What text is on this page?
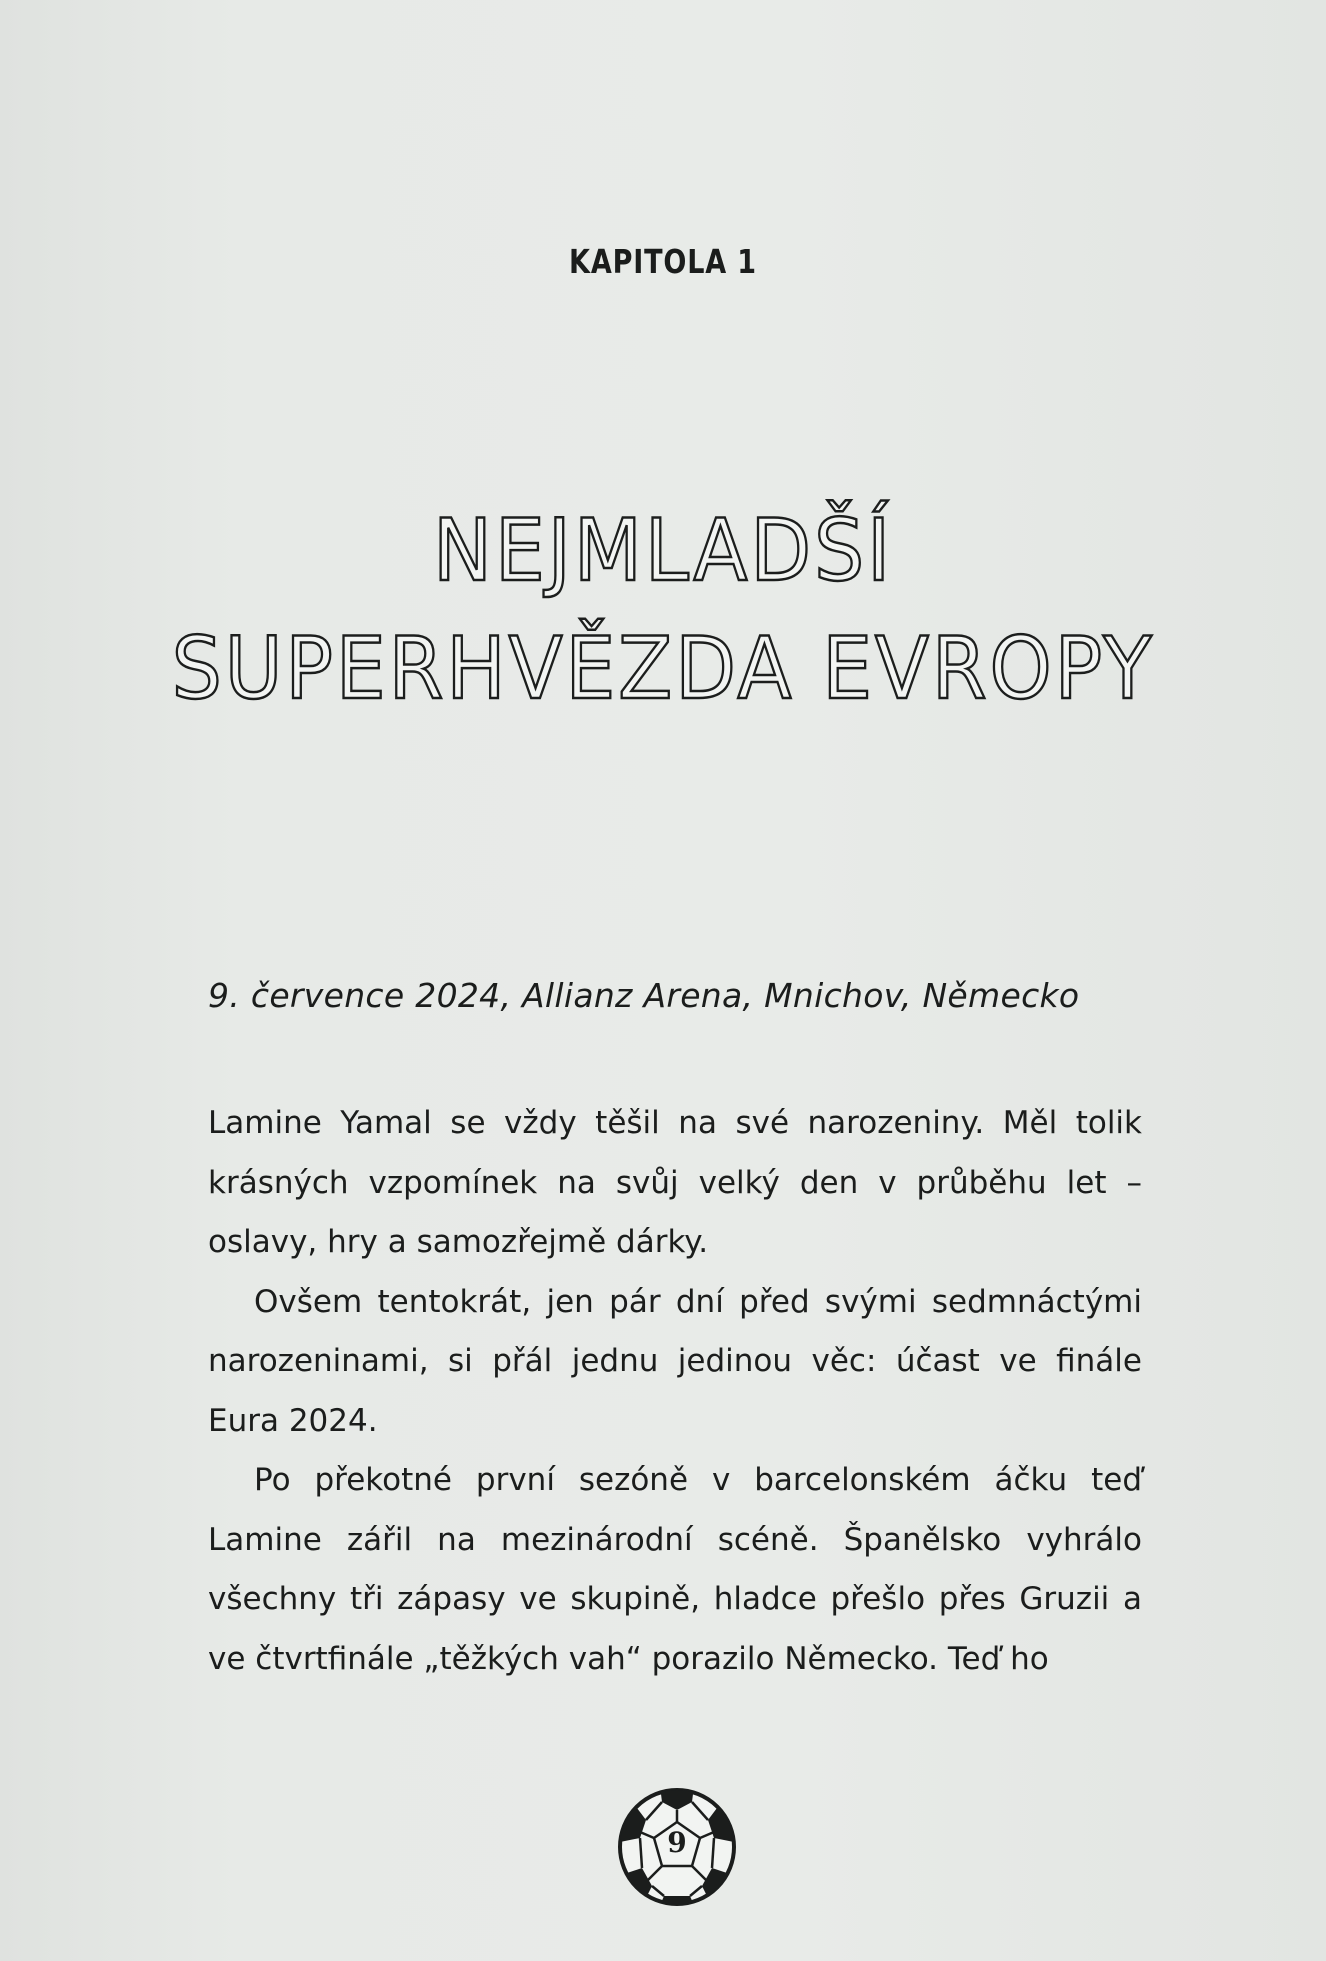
KAPITOLA 1
NEJMLADŠÍ
SUPERHVĚZDA EVROPY
9. července 2024, Allianz Arena, Mnichov, Německo

Lamine Yamal se vždy těšil na své narozeniny. Měl tolik krásných vzpomínek na svůj velký den v průběhu let – oslavy, hry a samozřejmě dárky.

Ovšem tentokrát, jen pár dní před svými sedmnáctými narozeninami, si přál jednu jedinou věc: účast ve finále Eura 2024.

Po překotné první sezóně v barcelonském áčku teď Lamine zářil na mezinárodní scéně. Španělsko vyhrálo všechny tři zápasy ve skupině, hladce přešlo přes Gruzii a ve čtvrtfinále „těžkých vah“ porazilo Německo. Teď ho

9
